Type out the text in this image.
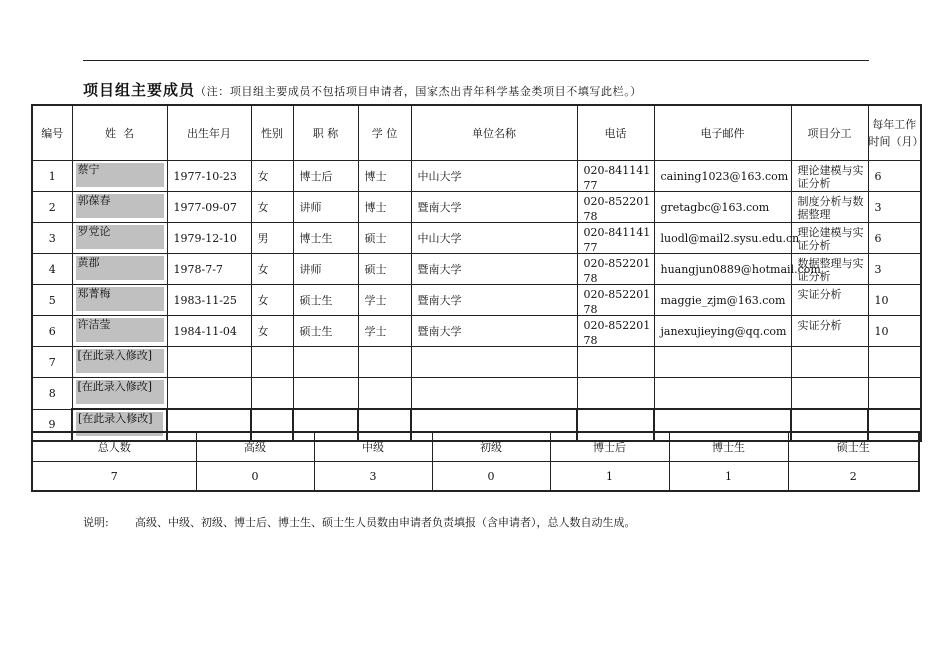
项目组主要成员（注：项目组主要成员不包括项目申请者，国家杰出青年科学基金类项目不填写此栏。）
编号	姓  名	出生年月	性别	职 称	学 位	单位名称	电话	电子邮件	项目分工	每年工作时间（月）
1	蔡宁	1977-10-23	女	博士后	博士	中山大学	020-84114177	caining1023@163.com	理论建模与实证分析	6
2	郭葆春	1977-09-07	女	讲师	博士	暨南大学	020-85220178	gretagbc@163.com	制度分析与数据整理	3
3	罗党论	1979-12-10	男	博士生	硕士	中山大学	020-84114177	luodl@mail2.sysu.edu.cn	理论建模与实证分析	6
4	黄郡	1978-7-7	女	讲师	硕士	暨南大学	020-85220178	huangjun0889@hotmail.com	数据整理与实证分析	3
5	郑菁梅	1983-11-25	女	硕士生	学士	暨南大学	020-85220178	maggie_zjm@163.com	实证分析	10
6	许洁莹	1984-11-04	女	硕士生	学士	暨南大学	020-85220178	janexujieying@qq.com	实证分析	10
7	[在此录入修改]									

8	[在此录入修改]									

9	[在此录入修改]									

总人数	高级	中级	初级	博士后	博士生	硕士生
7	0	3	0	1	1	2
说明: 高级、中级、初级、博士后、博士生、硕士生人员数由申请者负责填报（含申请者），总人数自动生成。
